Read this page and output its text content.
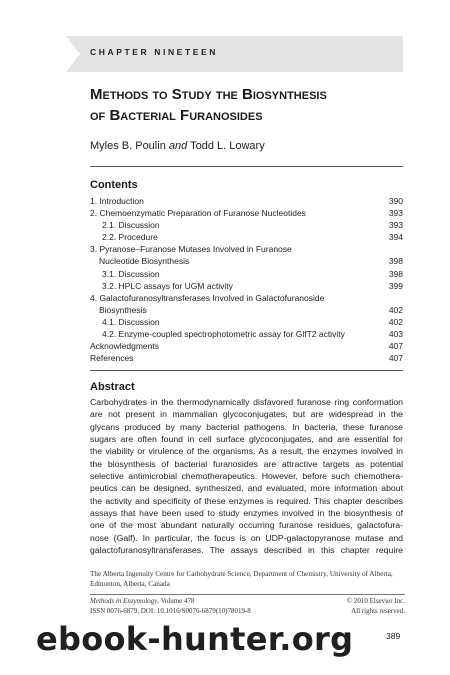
CHAPTER NINETEEN
Methods to Study the Biosynthesis
of Bacterial Furanosides
Myles B. Poulin and Todd L. Lowary
Contents
1. Introduction	390
2. Chemoenzymatic Preparation of Furanose Nucleotides	393
2.1. Discussion	393
2.2. Procedure	394
3. Pyranose–Furanose Mutases Involved in Furanose
Nucleotide Biosynthesis	398
3.1. Discussion	398
3.2. HPLC assays for UGM activity	399
4. Galactofuranosyltransferases Involved in Galactofuranoside
Biosynthesis	402
4.1. Discussion	402
4.2. Enzyme-coupled spectrophotometric assay for GlfT2 activity	403
Acknowledgments	407
References	407
Abstract
Carbohydrates in the thermodynamically disfavored furanose ring conformation
are not present in mammalian glycoconjugates, but are widespread in the
glycans produced by many bacterial pathogens. In bacteria, these furanose
sugars are often found in cell surface glycoconjugates, and are essential for
the viability or virulence of the organisms. As a result, the enzymes involved in
the biosynthesis of bacterial furanosides are attractive targets as potential
selective antimicrobial chemotherapeutics. However, before such chemothera-
peutics can be designed, synthesized, and evaluated, more information about
the activity and specificity of these enzymes is required. This chapter describes
assays that have been used to study enzymes involved in the biosynthesis of
one of the most abundant naturally occurring furanose residues, galactofura-
nose (Galf). In particular, the focus is on UDP-galactopyranose mutase and
galactofuranosyltransferases. The assays described in this chapter require
The Alberta Ingenuity Centre for Carbohydrate Science, Department of Chemistry, University of Alberta,
Edmonton, Alberta, Canada
Methods in Enzymology, Volume 478	© 2010 Elsevier Inc.
ISSN 0076-6879, DOI: 10.1016/S0076-6879(10)78019-8	All rights reserved.
389
ebook-hunter.org
